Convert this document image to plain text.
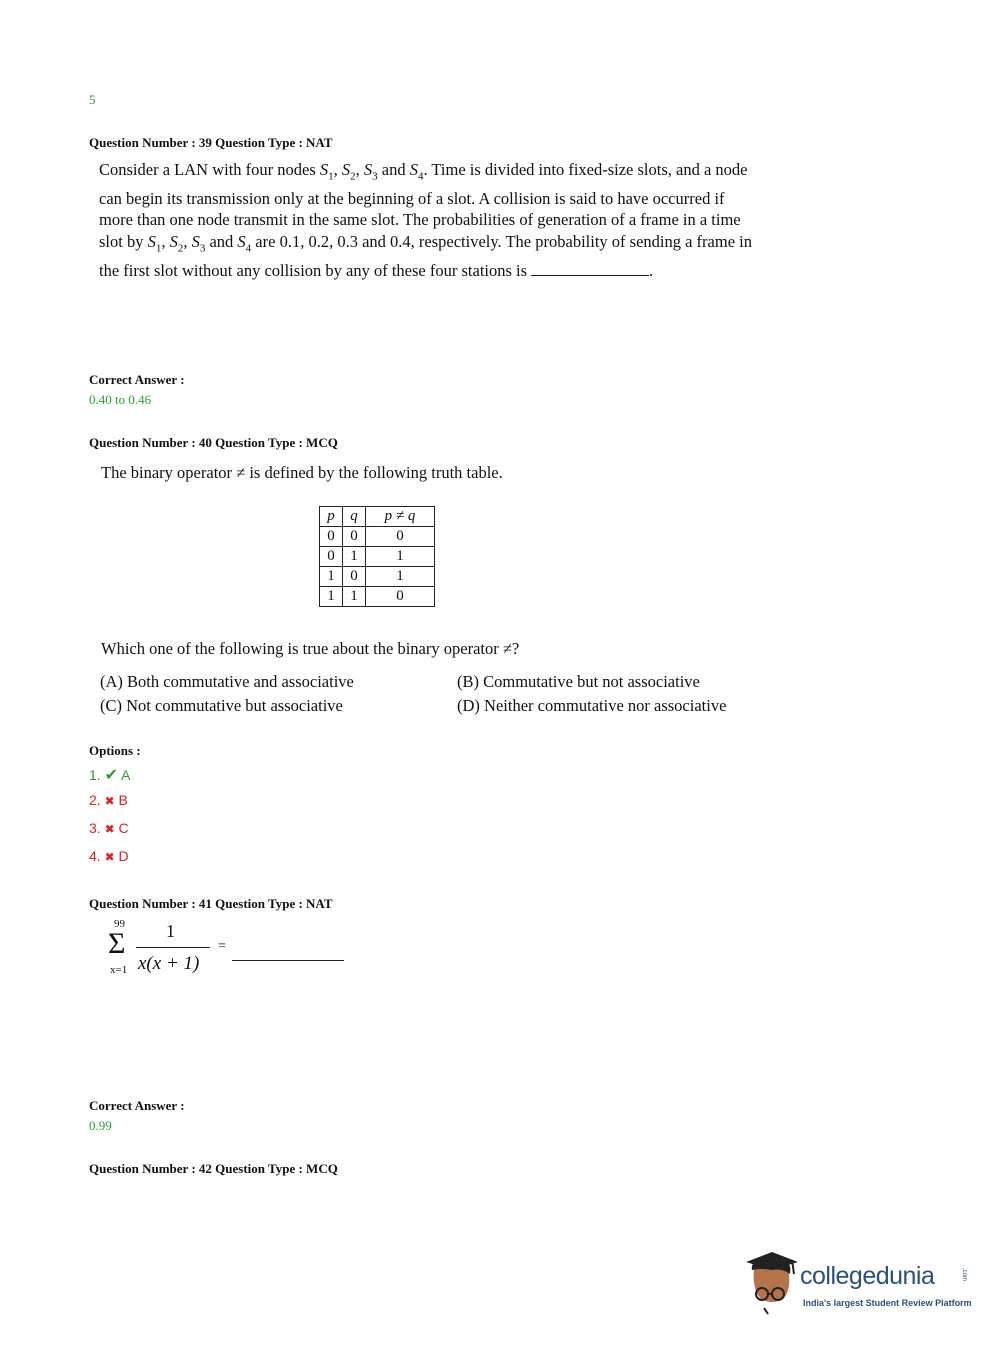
5
Question Number : 39 Question Type : NAT
Consider a LAN with four nodes $S_1$, $S_2$, $S_3$ and $S_4$. Time is divided into fixed-size slots, and a node
can begin its transmission only at the beginning of a slot. A collision is said to have occurred if
more than one node transmit in the same slot. The probabilities of generation of a frame in a time
slot by $S_1$, $S_2$, $S_3$ and $S_4$ are 0.1, 0.2, 0.3 and 0.4, respectively. The probability of sending a frame in
the first slot without any collision by any of these four stations is	.
Correct Answer :
0.40 to 0.46
Question Number : 40 Question Type : MCQ
The binary operator ≠ is defined by the following truth table.
p	q	p ≠ q
0	0	0
0	1	1
1	0	1
1	1	0
Which one of the following is true about the binary operator ≠?
(A) Both commutative and associative	(B) Commutative but not associative
(C) Not commutative but associative	(D) Neither commutative nor associative
Options :
1. ✔ A
2. ✖ B
3. ✖ C
4. ✖ D
Question Number : 41 Question Type : NAT
99
Σ
x=1
1
x(x + 1)
=
Correct Answer :
0.99
Question Number : 42 Question Type : MCQ
collegedunia	.com
India's largest Student Review Platform
